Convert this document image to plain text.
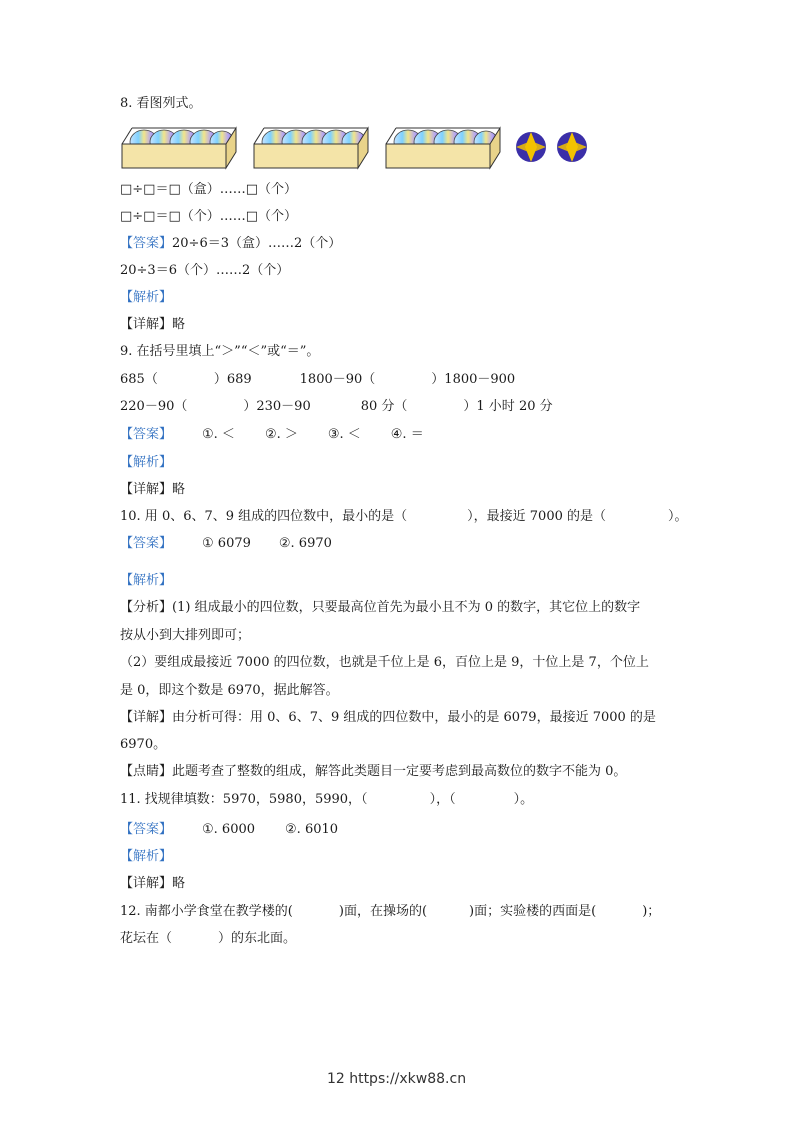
8. 看图列式。
□÷□＝□（盒）……□（个）
□÷□＝□（个）……□（个）
【答案】20÷6＝3（盒）……2（个）
20÷3＝6（个）……2（个）
【解析】
【详解】略
9. 在括号里填上“＞”“＜”或“＝”。
685（	）689	1800－90（	）1800－900
220－90（	）230－90	80 分（	）1 小时 20 分
【答案】 ①. ＜ ②. ＞ ③. ＜ ④. ＝
【解析】
【详解】略
10. 用 0、6、7、9 组成的四位数中，最小的是（	），最接近 7000 的是（	）。
【答案】 ① 6079 ②. 6970
【解析】
【分析】(1) 组成最小的四位数，只要最高位首先为最小且不为 0 的数字，其它位上的数字
按从小到大排列即可；
（2）要组成最接近 7000 的四位数，也就是千位上是 6，百位上是 9，十位上是 7，个位上
是 0，即这个数是 6970，据此解答。
【详解】由分析可得：用 0、6、7、9 组成的四位数中，最小的是 6079，最接近 7000 的是
6970。
【点睛】此题考查了整数的组成，解答此类题目一定要考虑到最高数位的数字不能为 0。
11. 找规律填数：5970，5980，5990，（	），（	）。
【答案】 ①. 6000 ②. 6010
【解析】
【详解】略
12. 南都小学食堂在教学楼的(	)面，在操场的(	)面；实验楼的西面是(	)；
花坛在（	）的东北面。
12 https://xkw88.cn
